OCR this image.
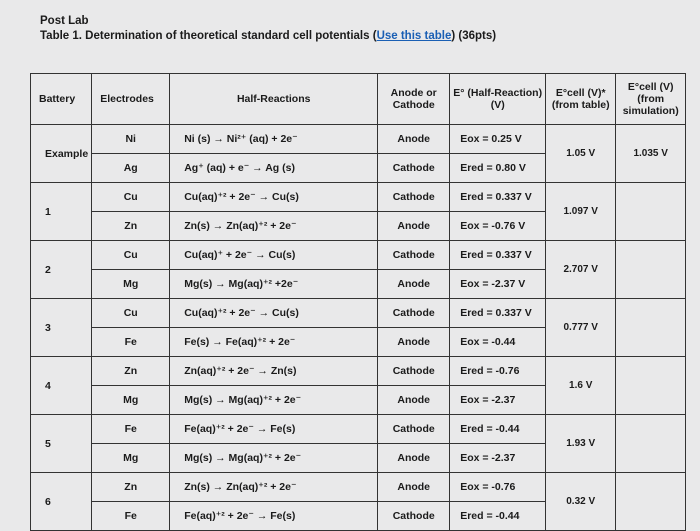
Post Lab
Table 1. Determination of theoretical standard cell potentials (Use this table) (36pts)
Battery	Electrodes	Half-Reactions	Anode or Cathode	E° (Half-Reaction) (V)	E°cell (V)* (from table)	E°cell (V) (from simulation)
Example	Ni	Ni (s) → Ni²⁺ (aq) + 2e⁻	Anode	Eox = 0.25 V	1.05 V	1.035 V
	Ag	Ag⁺ (aq) + e⁻ → Ag (s)	Cathode	Ered = 0.80 V		
1	Cu	Cu(aq)⁺² + 2e⁻ → Cu(s)	Cathode	Ered = 0.337 V	1.097 V	
	Zn	Zn(s) → Zn(aq)⁺² + 2e⁻	Anode	Eox = -0.76 V		
2	Cu	Cu(aq)⁺ + 2e⁻ → Cu(s)	Cathode	Ered = 0.337 V	2.707 V	
	Mg	Mg(s) → Mg(aq)⁺² +2e⁻	Anode	Eox = -2.37 V		
3	Cu	Cu(aq)⁺² + 2e⁻ → Cu(s)	Cathode	Ered = 0.337 V	0.777 V	
	Fe	Fe(s) → Fe(aq)⁺² + 2e⁻	Anode	Eox = -0.44		
4	Zn	Zn(aq)⁺² + 2e⁻ → Zn(s)	Cathode	Ered = -0.76	1.6 V	
	Mg	Mg(s) → Mg(aq)⁺² + 2e⁻	Anode	Eox = -2.37		
5	Fe	Fe(aq)⁺² + 2e⁻ → Fe(s)	Cathode	Ered = -0.44	1.93 V	
	Mg	Mg(s) → Mg(aq)⁺² + 2e⁻	Anode	Eox = -2.37		
6	Zn	Zn(s) → Zn(aq)⁺² + 2e⁻	Anode	Eox = -0.76	0.32 V	
	Fe	Fe(aq)⁺² + 2e⁻ → Fe(s)	Cathode	Ered = -0.44		
